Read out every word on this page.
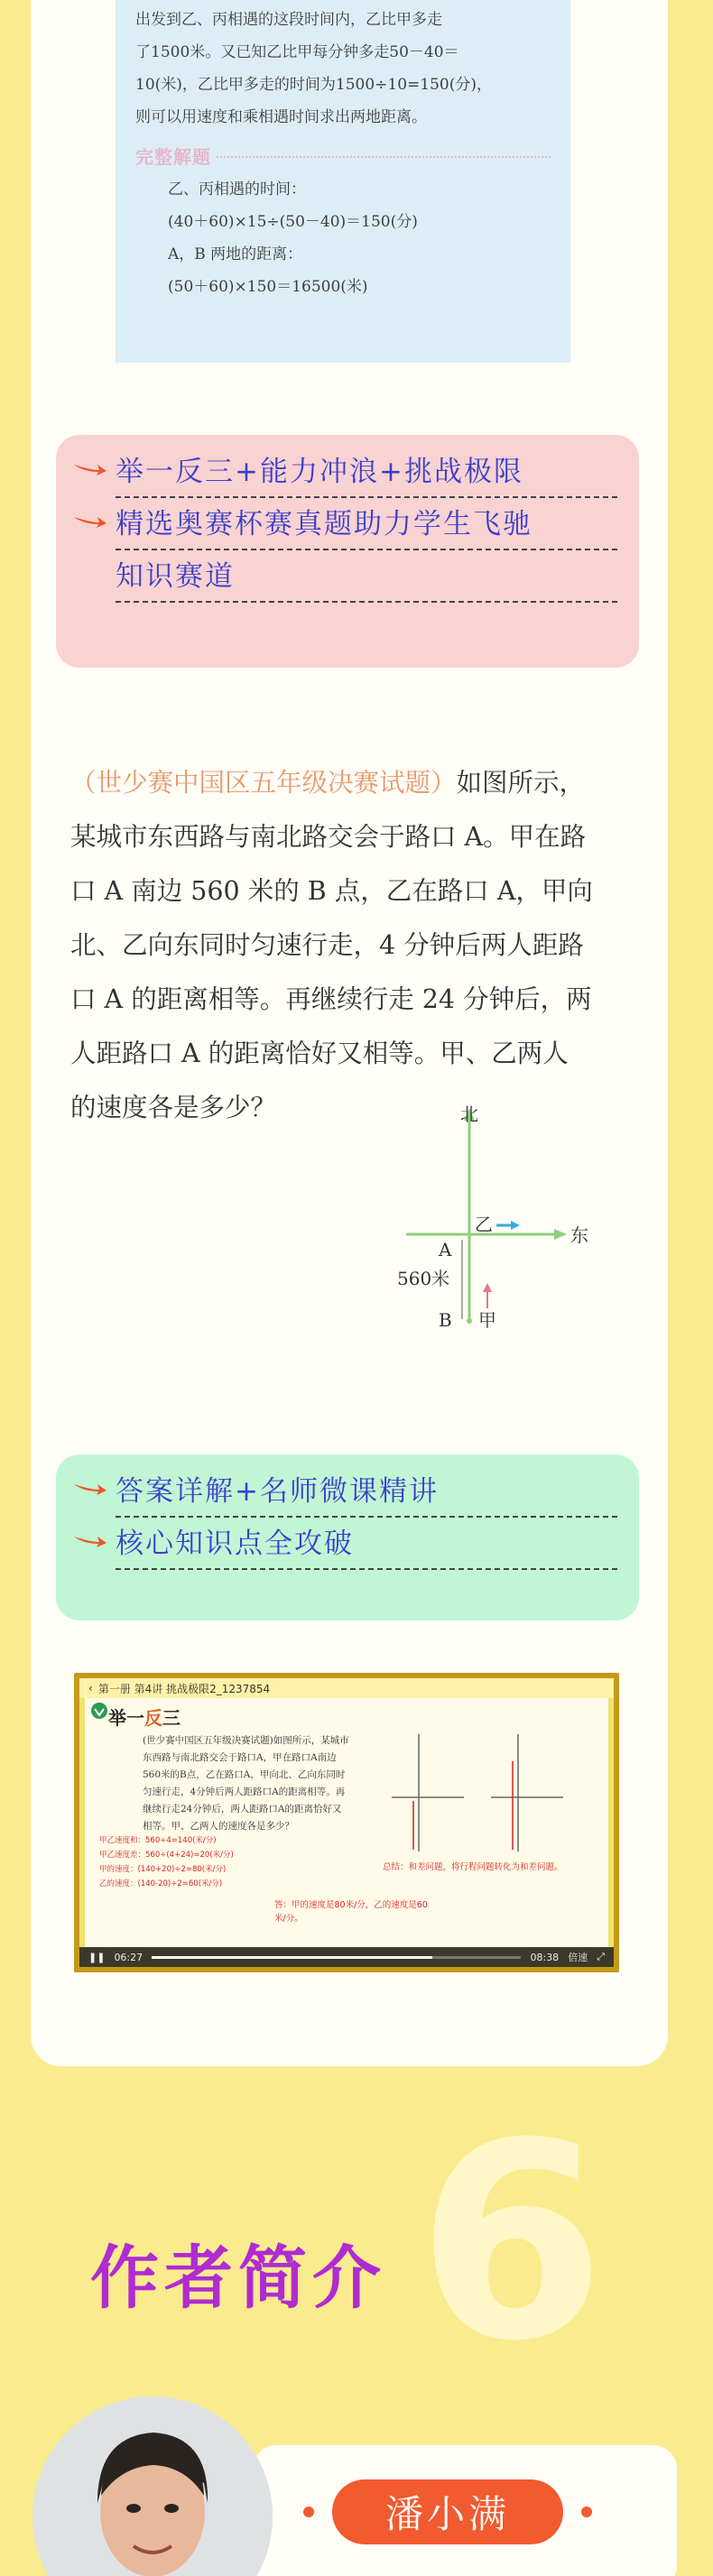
出发到乙、丙相遇的这段时间内，乙比甲多走
了1500米。又已知乙比甲每分钟多走50－40＝
10(米)，乙比甲多走的时间为1500÷10=150(分)，
则可以用速度和乘相遇时间求出两地距离。
完整解题
乙、丙相遇的时间：
(40＋60)×15÷(50－40)＝150(分)
A，B 两地的距离：
(50＋60)×150＝16500(米)
举一反三+能力冲浪+挑战极限
精选奥赛杯赛真题助力学生飞驰
知识赛道
（世少赛中国区五年级决赛试题）如图所示，某城市东西路与南北路交会于路口 A。甲在路口 A 南边 560 米的 B 点，乙在路口 A，甲向北、乙向东同时匀速行走，4 分钟后两人距路口 A 的距离相等。再继续行走 24 分钟后，两人距路口 A 的距离恰好又相等。甲、乙两人的速度各是多少？	北
东
乙
A
560米
B 甲
答案详解+名师微课精讲
核心知识点全攻破
‹ 第一册 第4讲 挑战极限2_1237854
举一反三
(世少赛中国区五年级决赛试题)如图所示，某城市东西路与南北路交会于路口A，甲在路口A南边560米的B点，乙在路口A，甲向北、乙向东同时匀速行走，4分钟后两人距路口A的距离相等。再继续行走24分钟后，两人距路口A的距离恰好又相等。甲、乙两人的速度各是多少？
甲乙速度和：560÷4=140(米/分)
甲乙速度差：560÷(4+24)=20(米/分)
甲的速度：(140+20)÷2=80(米/分)
乙的速度：(140-20)÷2=60(米/分)
总结：和差问题，将行程问题转化为和差问题。
答：甲的速度是80米/分，乙的速度是60米/分。
❚❚ 06:27	08:38 倍速 ⤢
6
作者简介
潘小满
